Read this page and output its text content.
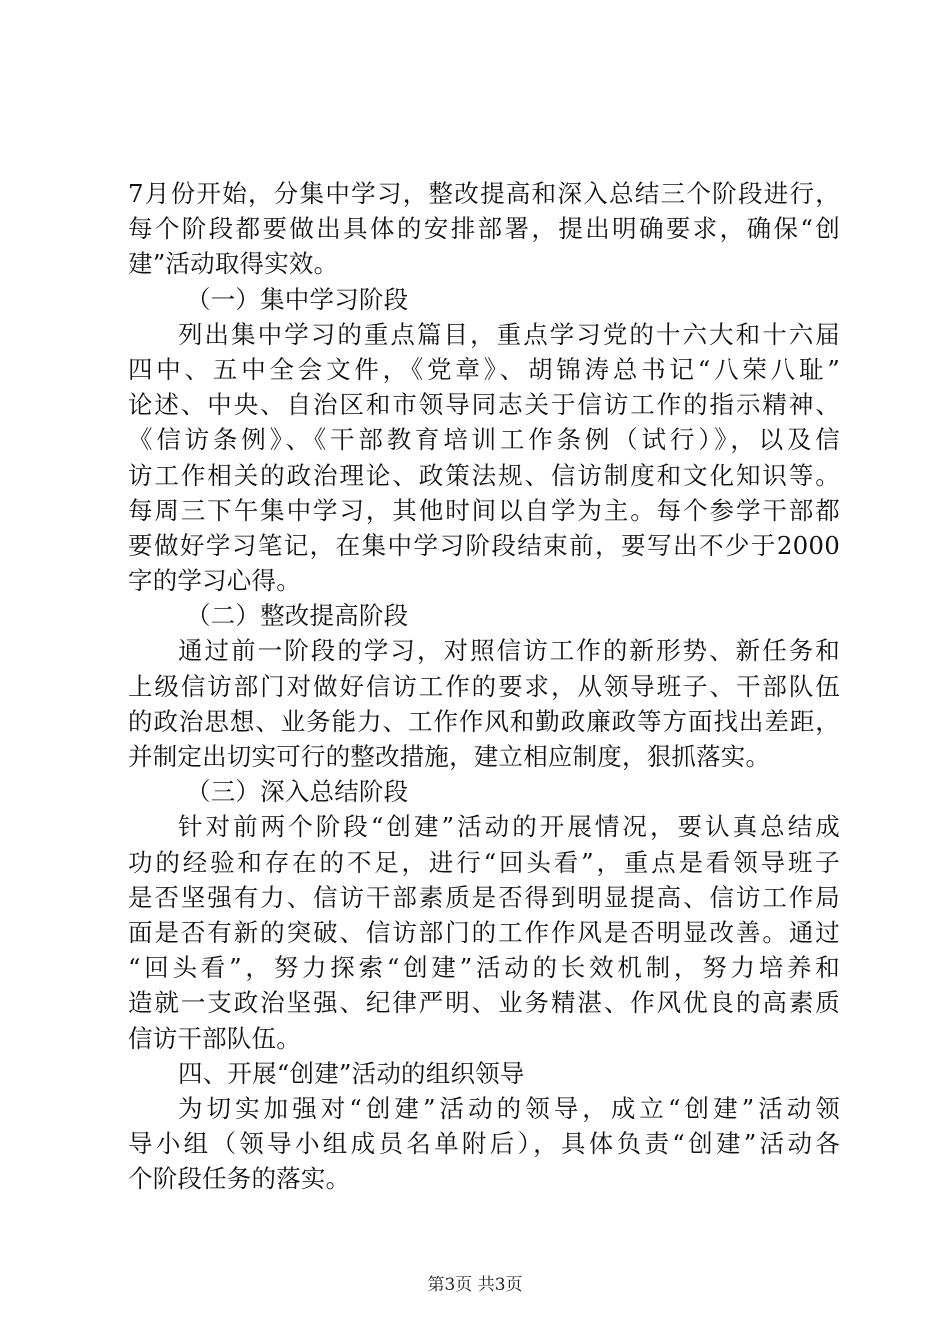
7月份开始，分集中学习，整改提高和深入总结三个阶段进行，
每个阶段都要做出具体的安排部署，提出明确要求，确保“创
建”活动取得实效。
（一）集中学习阶段
列出集中学习的重点篇目，重点学习党的十六大和十六届
四中、五中全会文件，《党章》、胡锦涛总书记“八荣八耻”
论述、中央、自治区和市领导同志关于信访工作的指示精神、
《信访条例》、《干部教育培训工作条例（试行）》，以及信
访工作相关的政治理论、政策法规、信访制度和文化知识等。
每周三下午集中学习，其他时间以自学为主。每个参学干部都
要做好学习笔记，在集中学习阶段结束前，要写出不少于2000
字的学习心得。
（二）整改提高阶段
通过前一阶段的学习，对照信访工作的新形势、新任务和
上级信访部门对做好信访工作的要求，从领导班子、干部队伍
的政治思想、业务能力、工作作风和勤政廉政等方面找出差距，
并制定出切实可行的整改措施，建立相应制度，狠抓落实。
（三）深入总结阶段
针对前两个阶段“创建”活动的开展情况，要认真总结成
功的经验和存在的不足，进行“回头看”，重点是看领导班子
是否坚强有力、信访干部素质是否得到明显提高、信访工作局
面是否有新的突破、信访部门的工作作风是否明显改善。通过
“回头看”，努力探索“创建”活动的长效机制，努力培养和
造就一支政治坚强、纪律严明、业务精湛、作风优良的高素质
信访干部队伍。
四、开展“创建”活动的组织领导
为切实加强对“创建”活动的领导，成立“创建”活动领
导小组（领导小组成员名单附后），具体负责“创建”活动各
个阶段任务的落实。
第3页 共3页
